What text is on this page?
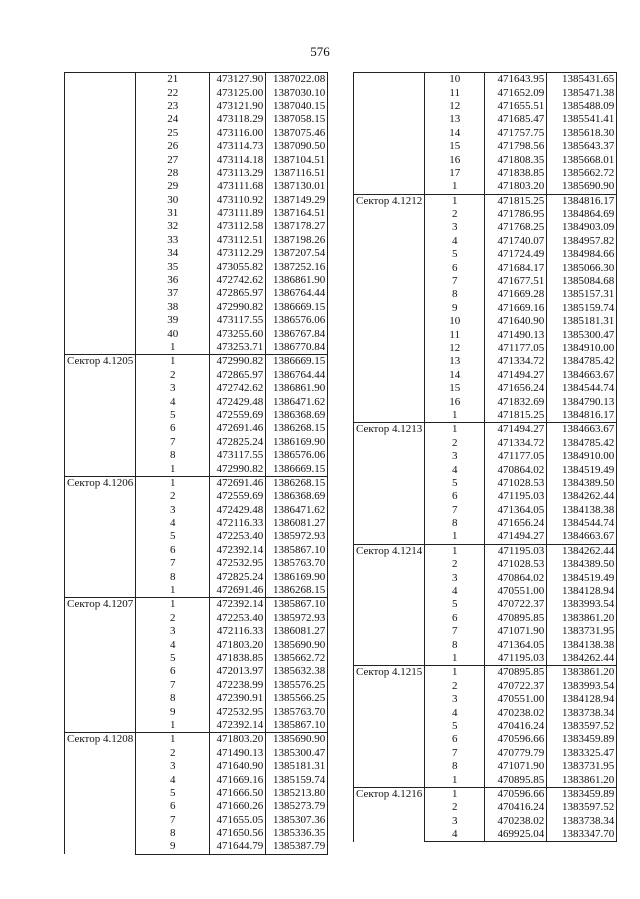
576
	21	473127.90	1387022.08
	22	473125.00	1387030.10
	23	473121.90	1387040.15
	24	473118.29	1387058.15
	25	473116.00	1387075.46
	26	473114.73	1387090.50
	27	473114.18	1387104.51
	28	473113.29	1387116.51
	29	473111.68	1387130.01
	30	473110.92	1387149.29
	31	473111.89	1387164.51
	32	473112.58	1387178.27
	33	473112.51	1387198.26
	34	473112.29	1387207.54
	35	473055.82	1387252.16
	36	472742.62	1386861.90
	37	472865.97	1386764.44
	38	472990.82	1386669.15
	39	473117.55	1386576.06
	40	473255.60	1386767.84
	1	473253.71	1386770.84
Сектор 4.1205	1	472990.82	1386669.15
	2	472865.97	1386764.44
	3	472742.62	1386861.90
	4	472429.48	1386471.62
	5	472559.69	1386368.69
	6	472691.46	1386268.15
	7	472825.24	1386169.90
	8	473117.55	1386576.06
	1	472990.82	1386669.15
Сектор 4.1206	1	472691.46	1386268.15
	2	472559.69	1386368.69
	3	472429.48	1386471.62
	4	472116.33	1386081.27
	5	472253.40	1385972.93
	6	472392.14	1385867.10
	7	472532.95	1385763.70
	8	472825.24	1386169.90
	1	472691.46	1386268.15
Сектор 4.1207	1	472392.14	1385867.10
	2	472253.40	1385972.93
	3	472116.33	1386081.27
	4	471803.20	1385690.90
	5	471838.85	1385662.72
	6	472013.97	1385632.38
	7	472238.99	1385576.25
	8	472390.91	1385566.25
	9	472532.95	1385763.70
	1	472392.14	1385867.10
Сектор 4.1208	1	471803.20	1385690.90
	2	471490.13	1385300.47
	3	471640.90	1385181.31
	4	471669.16	1385159.74
	5	471666.50	1385213.80
	6	471660.26	1385273.79
	7	471655.05	1385307.36
	8	471650.56	1385336.35
	9	471644.79	1385387.79
	10	471643.95	1385431.65
	11	471652.09	1385471.38
	12	471655.51	1385488.09
	13	471685.47	1385541.41
	14	471757.75	1385618.30
	15	471798.56	1385643.37
	16	471808.35	1385668.01
	17	471838.85	1385662.72
	1	471803.20	1385690.90
Сектор 4.1212	1	471815.25	1384816.17
	2	471786.95	1384864.69
	3	471768.25	1384903.09
	4	471740.07	1384957.82
	5	471724.49	1384984.66
	6	471684.17	1385066.30
	7	471677.51	1385084.68
	8	471669.28	1385157.31
	9	471669.16	1385159.74
	10	471640.90	1385181.31
	11	471490.13	1385300.47
	12	471177.05	1384910.00
	13	471334.72	1384785.42
	14	471494.27	1384663.67
	15	471656.24	1384544.74
	16	471832.69	1384790.13
	1	471815.25	1384816.17
Сектор 4.1213	1	471494.27	1384663.67
	2	471334.72	1384785.42
	3	471177.05	1384910.00
	4	470864.02	1384519.49
	5	471028.53	1384389.50
	6	471195.03	1384262.44
	7	471364.05	1384138.38
	8	471656.24	1384544.74
	1	471494.27	1384663.67
Сектор 4.1214	1	471195.03	1384262.44
	2	471028.53	1384389.50
	3	470864.02	1384519.49
	4	470551.00	1384128.94
	5	470722.37	1383993.54
	6	470895.85	1383861.20
	7	471071.90	1383731.95
	8	471364.05	1384138.38
	1	471195.03	1384262.44
Сектор 4.1215	1	470895.85	1383861.20
	2	470722.37	1383993.54
	3	470551.00	1384128.94
	4	470238.02	1383738.34
	5	470416.24	1383597.52
	6	470596.66	1383459.89
	7	470779.79	1383325.47
	8	471071.90	1383731.95
	1	470895.85	1383861.20
Сектор 4.1216	1	470596.66	1383459.89
	2	470416.24	1383597.52
	3	470238.02	1383738.34
	4	469925.04	1383347.70
